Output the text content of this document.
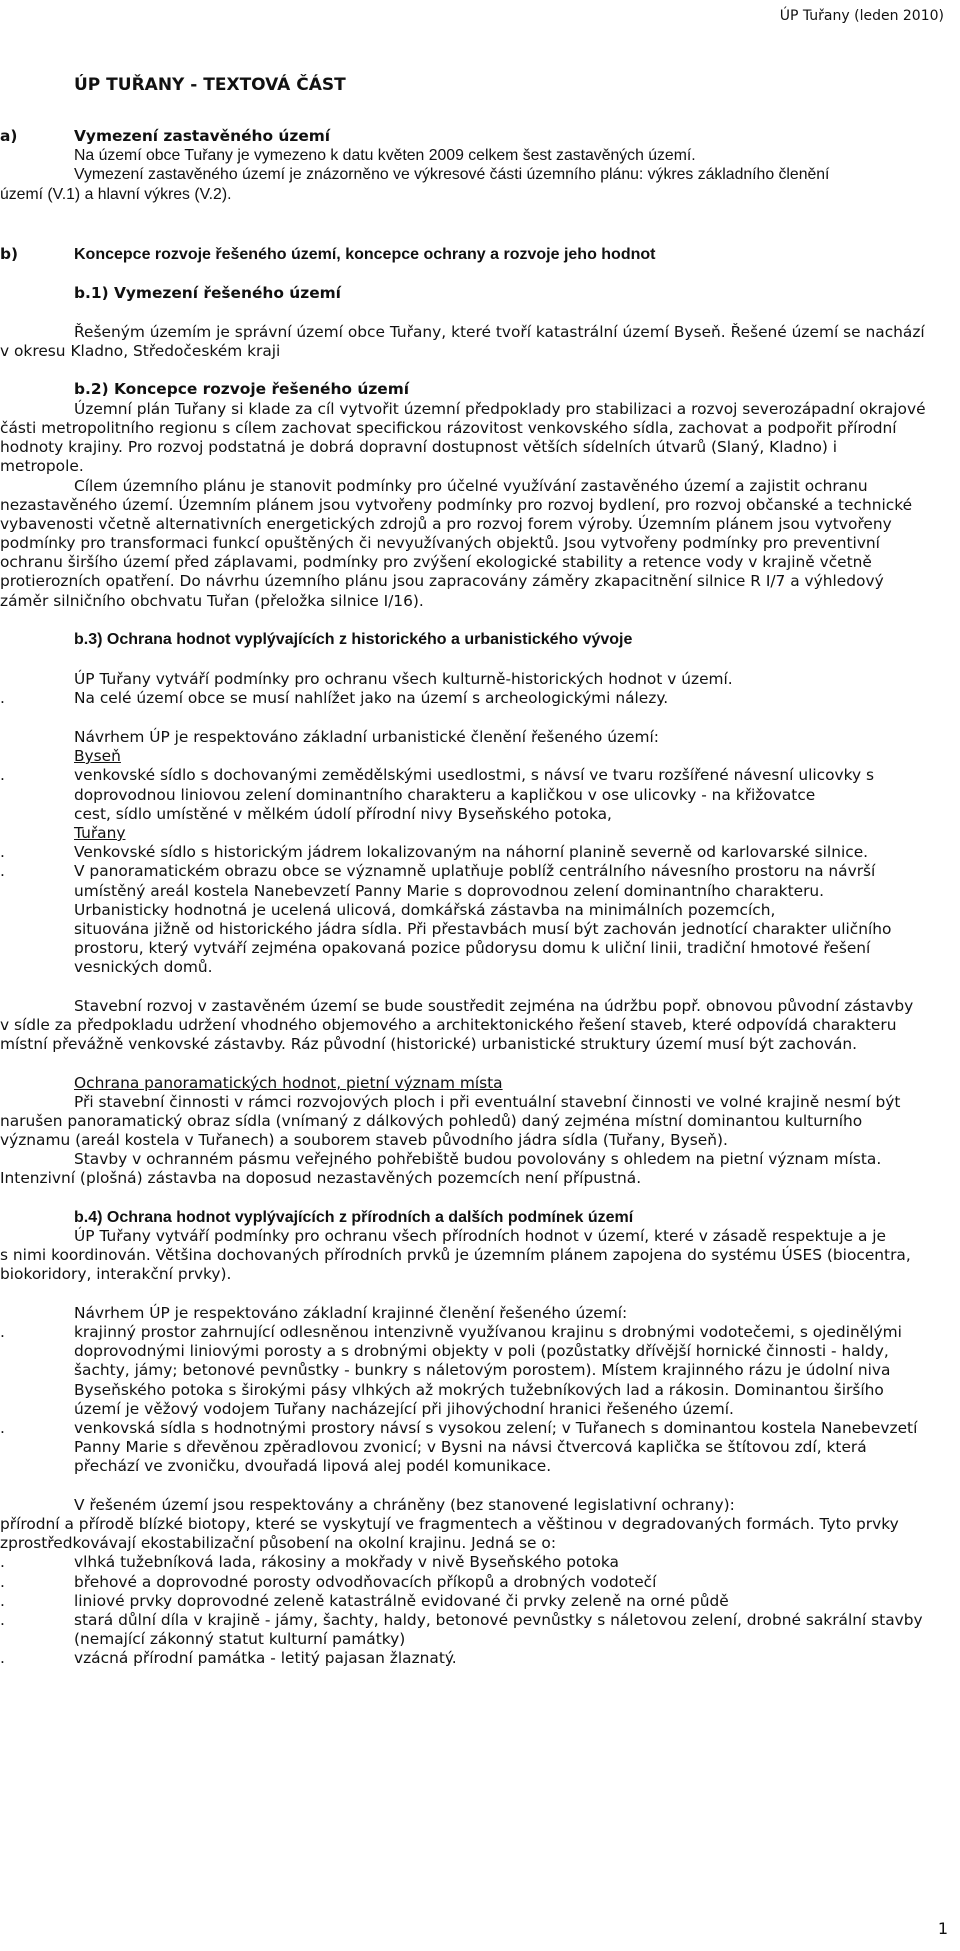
ÚP Tuřany (leden 2010)
ÚP TUŘANY - TEXTOVÁ ČÁST
a)	Vymezení zastavěného území
Na území obce Tuřany je vymezeno k datu květen 2009 celkem šest zastavěných území.
Vymezení zastavěného území je znázorněno ve výkresové části územního plánu: výkres základního členění
území (V.1) a hlavní výkres (V.2).
b)	Koncepce rozvoje řešeného území, koncepce ochrany a rozvoje jeho hodnot
b.1) Vymezení řešeného území
Řešeným územím je správní území obce Tuřany, které tvoří katastrální území Byseň. Řešené území se nachází
v okresu Kladno, Středočeském kraji
b.2) Koncepce rozvoje řešeného území
Územní plán Tuřany si klade za cíl vytvořit územní předpoklady pro stabilizaci a rozvoj severozápadní okrajové
části metropolitního regionu s cílem zachovat specifickou rázovitost venkovského sídla, zachovat a podpořit přírodní
hodnoty krajiny. Pro rozvoj podstatná je dobrá dopravní dostupnost větších sídelních útvarů (Slaný, Kladno) i
metropole.
Cílem územního plánu je stanovit podmínky pro účelné využívání zastavěného území a zajistit ochranu
nezastavěného území. Územním plánem jsou vytvořeny podmínky pro rozvoj bydlení, pro rozvoj občanské a technické
vybavenosti včetně alternativních energetických zdrojů a pro rozvoj forem výroby. Územním plánem jsou vytvořeny
podmínky pro transformaci funkcí opuštěných či nevyužívaných objektů. Jsou vytvořeny podmínky pro preventivní
ochranu širšího území před záplavami, podmínky pro zvýšení ekologické stability a retence vody v krajině včetně
protierozních opatření. Do návrhu územního plánu jsou zapracovány záměry zkapacitnění silnice R I/7 a výhledový
záměr silničního obchvatu Tuřan (přeložka silnice I/16).
b.3) Ochrana hodnot vyplývajících z historického a urbanistického vývoje
ÚP Tuřany vytváří podmínky pro ochranu všech kulturně-historických hodnot v území.
.	Na celé území obce se musí nahlížet jako na území s archeologickými nálezy.
Návrhem ÚP je respektováno základní urbanistické členění řešeného území:
Byseň
.	venkovské sídlo s dochovanými zemědělskými usedlostmi, s návsí ve tvaru rozšířené návesní ulicovky s
doprovodnou liniovou zelení dominantního charakteru a kapličkou v ose ulicovky - na křižovatce
cest, sídlo umístěné v mělkém údolí přírodní nivy Byseňského potoka,
Tuřany
.	Venkovské sídlo s historickým jádrem lokalizovaným na náhorní planině severně od karlovarské silnice.
.	V panoramatickém obrazu obce se významně uplatňuje poblíž centrálního návesního prostoru na návrší
umístěný areál kostela Nanebevzetí Panny Marie s doprovodnou zelení dominantního charakteru.
Urbanisticky hodnotná je ucelená ulicová, domkářská zástavba na minimálních pozemcích,
situována jižně od historického jádra sídla. Při přestavbách musí být zachován jednotící charakter uličního
prostoru, který vytváří zejména opakovaná pozice půdorysu domu k uliční linii, tradiční hmotové řešení
vesnických domů.
Stavební rozvoj v zastavěném území se bude soustředit zejména na údržbu popř. obnovou původní zástavby
v sídle za předpokladu udržení vhodného objemového a architektonického řešení staveb, které odpovídá charakteru
místní převážně venkovské zástavby. Ráz původní (historické) urbanistické struktury území musí být zachován.
Ochrana panoramatických hodnot, pietní význam místa
Při stavební činnosti v rámci rozvojových ploch i při eventuální stavební činnosti ve volné krajině nesmí být
narušen panoramatický obraz sídla (vnímaný z dálkových pohledů) daný zejména místní dominantou kulturního
významu (areál kostela v Tuřanech) a souborem staveb původního jádra sídla (Tuřany, Byseň).
Stavby v ochranném pásmu veřejného pohřebiště budou povolovány s ohledem na pietní význam místa.
Intenzivní (plošná) zástavba na doposud nezastavěných pozemcích není přípustná.
b.4) Ochrana hodnot vyplývajících z přírodních a dalších podmínek území
ÚP Tuřany vytváří podmínky pro ochranu všech přírodních hodnot v území, které v zásadě respektuje a je
s nimi koordinován. Většina dochovaných přírodních prvků je územním plánem zapojena do systému ÚSES (biocentra,
biokoridory, interakční prvky).
Návrhem ÚP je respektováno základní krajinné členění řešeného území:
.	krajinný prostor zahrnující odlesněnou intenzivně využívanou krajinu s drobnými vodotečemi, s ojedinělými
doprovodnými liniovými porosty a s drobnými objekty v poli (pozůstatky dřívější hornické činnosti - haldy,
šachty, jámy; betonové pevnůstky - bunkry s náletovým porostem). Místem krajinného rázu je údolní niva
Byseňského potoka s širokými pásy vlhkých až mokrých tužebníkových lad a rákosin. Dominantou širšího
území je věžový vodojem Tuřany nacházející při jihovýchodní hranici řešeného území.
.	venkovská sídla s hodnotnými prostory návsí s vysokou zelení; v Tuřanech s dominantou kostela Nanebevzetí
Panny Marie s dřevěnou zpěradlovou zvonicí; v Bysni na návsi čtvercová kaplička se štítovou zdí, která
přechází ve zvoničku, dvouřadá lipová alej podél komunikace.
V řešeném území jsou respektovány a chráněny (bez stanovené legislativní ochrany):
přírodní a přírodě blízké biotopy, které se vyskytují ve fragmentech a věštinou v degradovaných formách. Tyto prvky
zprostředkovávají ekostabilizační působení na okolní krajinu. Jedná se o:
.	vlhká tužebníková lada, rákosiny a mokřady v nivě Byseňského potoka
.	břehové a doprovodné porosty odvodňovacích příkopů a drobných vodotečí
.	liniové prvky doprovodné zeleně katastrálně evidované či prvky zeleně na orné půdě
.	stará důlní díla v krajině - jámy, šachty, haldy, betonové pevnůstky s náletovou zelení, drobné sakrální stavby
(nemající zákonný statut kulturní památky)
.	vzácná přírodní památka - letitý pajasan žlaznatý.
1
